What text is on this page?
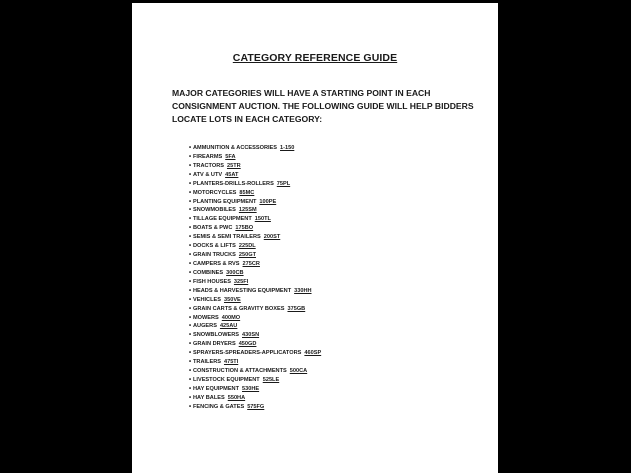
CATEGORY REFERENCE GUIDE
MAJOR CATEGORIES WILL HAVE A STARTING POINT IN EACH
CONSIGNMENT AUCTION. THE FOLLOWING GUIDE WILL HELP BIDDERS
LOCATE LOTS IN EACH CATEGORY:
• AMMUNITION & ACCESSORIES 1-150
• FIREARMS 5FA
• TRACTORS 25TR
• ATV & UTV 45AT
• PLANTERS-DRILLS-ROLLERS 75PL
• MOTORCYCLES 85MC
• PLANTING EQUIPMENT 100PE
• SNOWMOBILES 125SM
• TILLAGE EQUIPMENT 150TL
• BOATS & PWC 175BO
• SEMIS & SEMI TRAILERS 200ST
• DOCKS & LIFTS 225DL
• GRAIN TRUCKS 250GT
• CAMPERS & RVS 275CR
• COMBINES 300CB
• FISH HOUSES 325FI
• HEADS & HARVESTING EQUIPMENT 330HH
• VEHICLES 350VE
• GRAIN CARTS & GRAVITY BOXES 375GB
• MOWERS 400MO
• AUGERS 425AU
• SNOWBLOWERS 430SN
• GRAIN DRYERS 450GD
• SPRAYERS-SPREADERS-APPLICATORS 460SP
• TRAILERS 475TI
• CONSTRUCTION & ATTACHMENTS 500CA
• LIVESTOCK EQUIPMENT 525LE
• HAY EQUIPMENT 530HE
• HAY BALES 550HA
• FENCING & GATES 575FG
